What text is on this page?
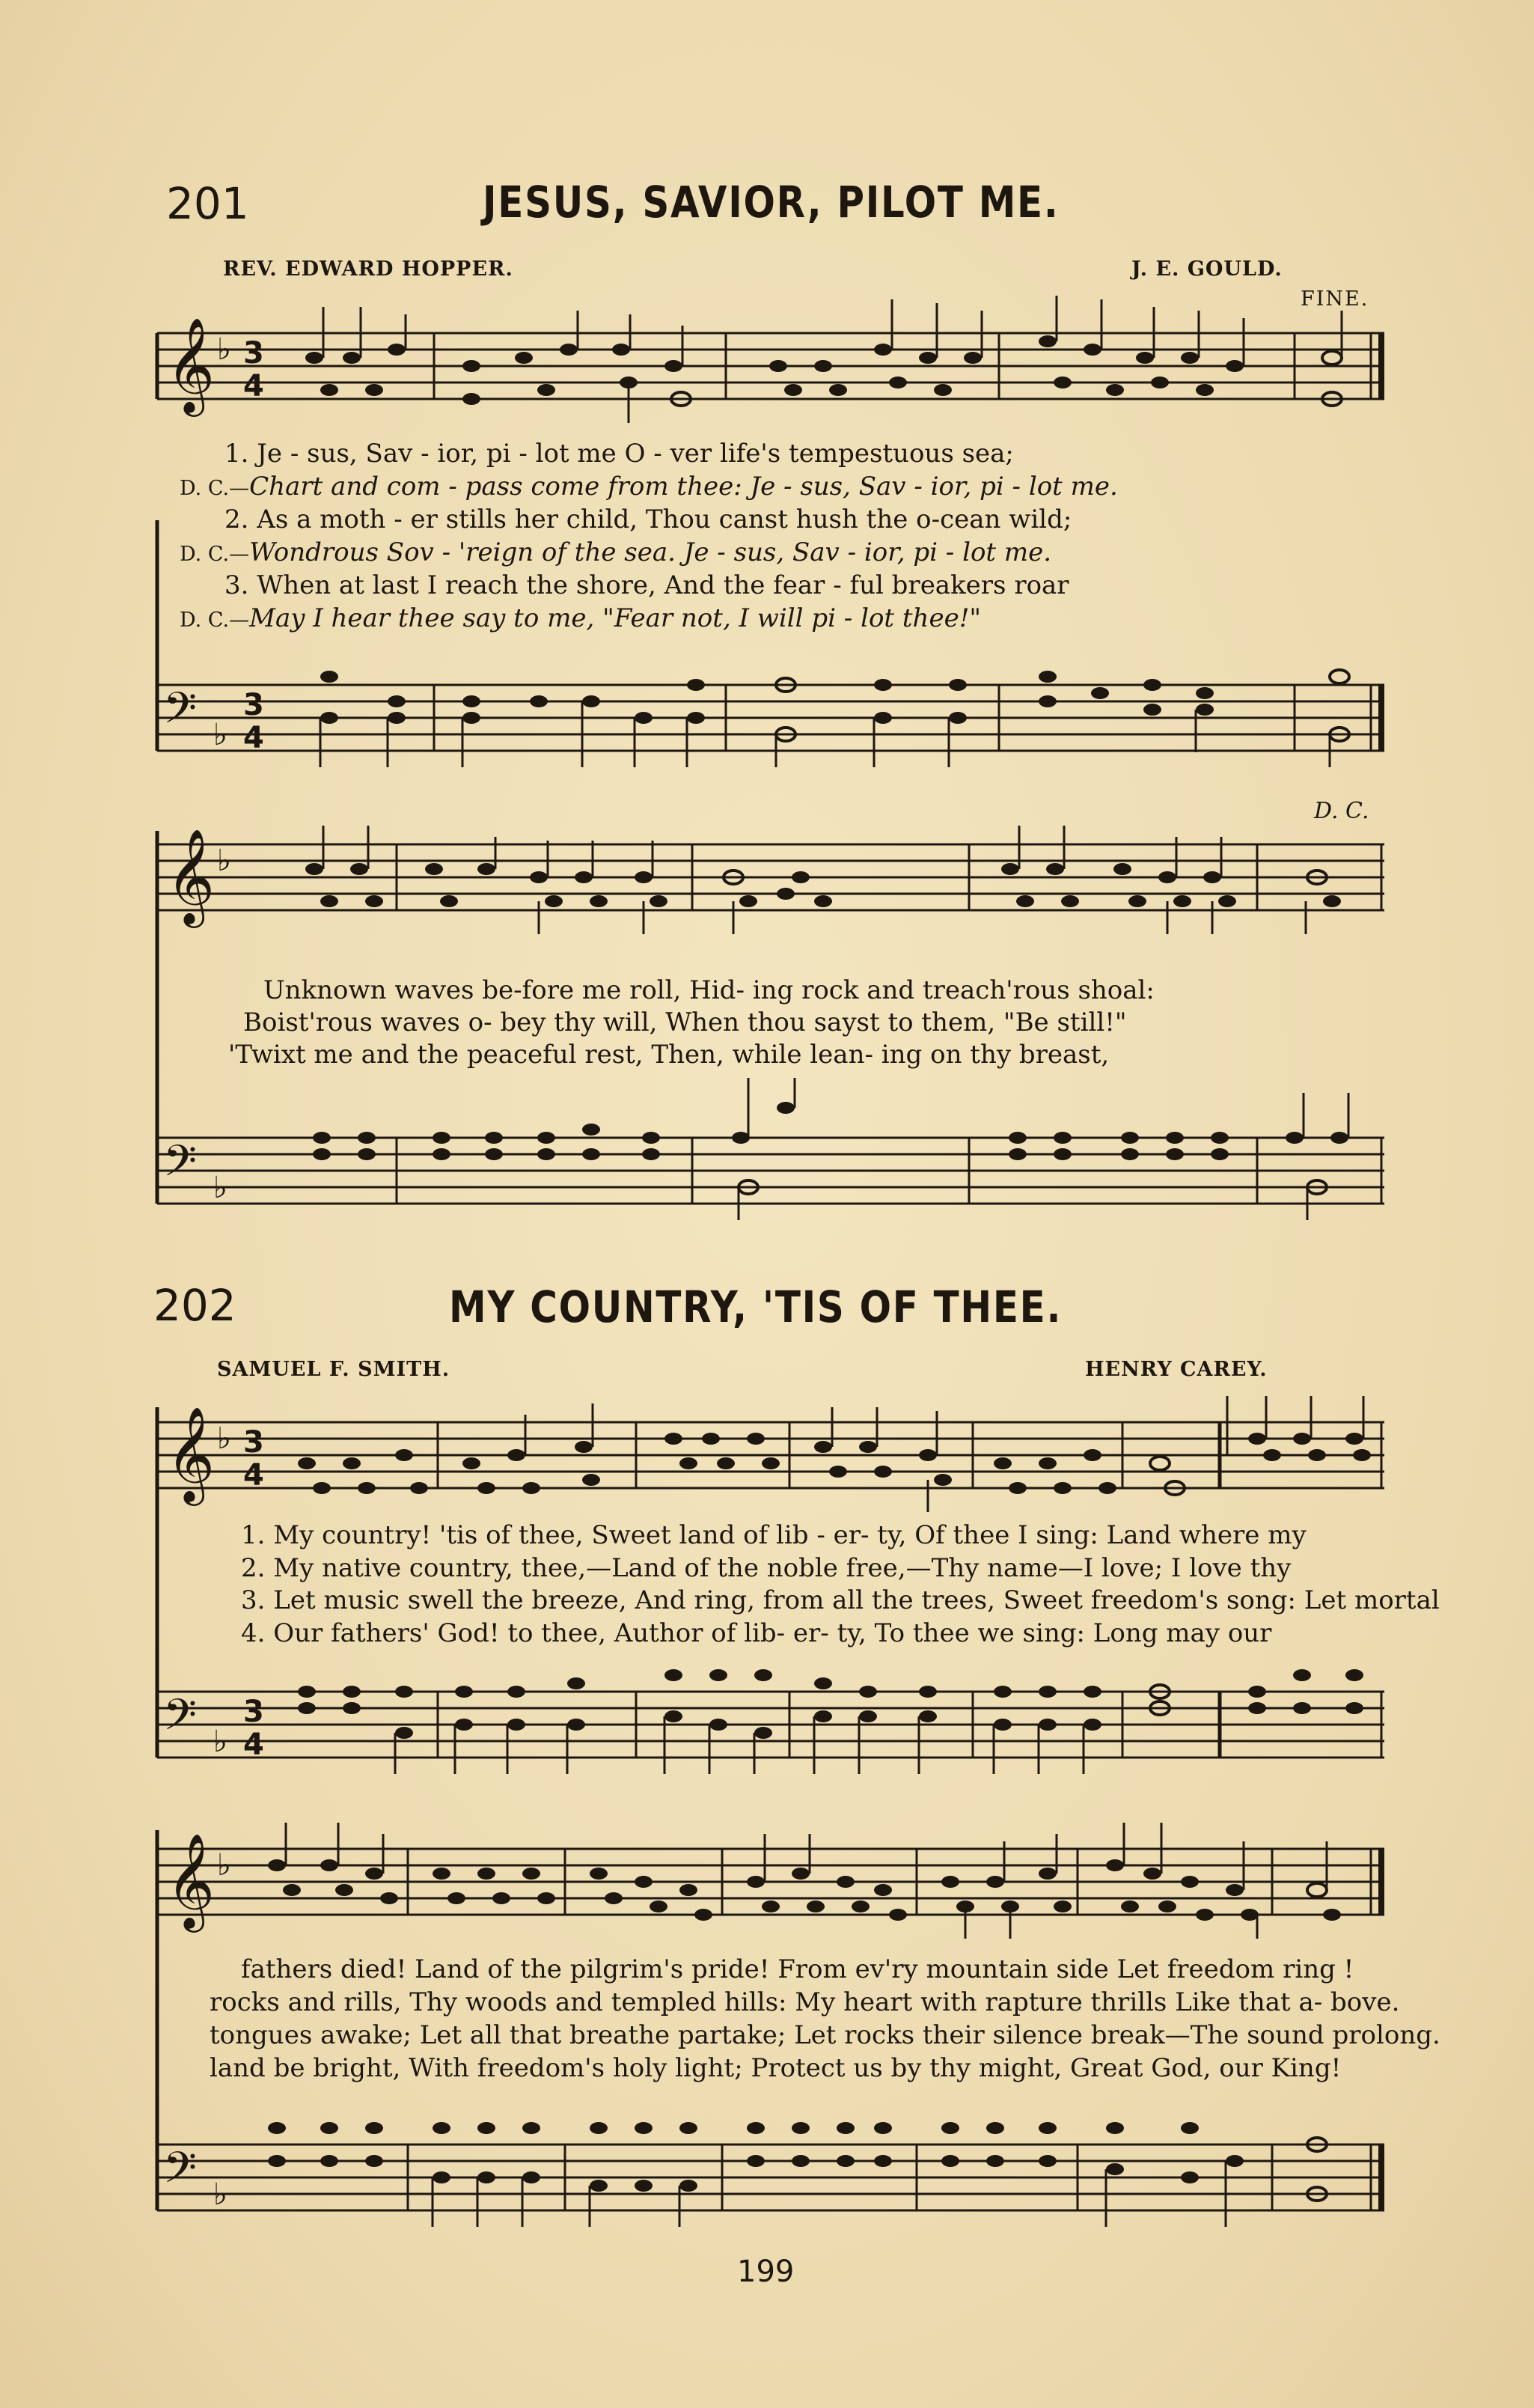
201	JESUS, SAVIOR, PILOT ME.
REV. EDWARD HOPPER.	J. E. GOULD.
FINE.
𝄞 ♭ 3
4
1. Je - sus, Sav - ior, pi - lot me O - ver life's tempestuous sea;
D. C.—Chart and com - pass come from thee: Je - sus, Sav - ior, pi - lot me.
2. As a moth - er stills her child, Thou canst hush the o-cean wild;
D. C.—Wondrous Sov - 'reign of the sea. Je - sus, Sav - ior, pi - lot me.
3. When at last I reach the shore, And the fear - ful breakers roar
D. C.—May I hear thee say to me, "Fear not, I will pi - lot thee!"
𝄢 ♭
3
4
D. C.
𝄞 ♭
Unknown waves be-fore me roll, Hid- ing rock and treach'rous shoal:
Boist'rous waves o- bey thy will, When thou sayst to them, "Be still!"
'Twixt me and the peaceful rest, Then, while lean- ing on thy breast,
𝄢 ♭
202	MY COUNTRY, 'TIS OF THEE.
SAMUEL F. SMITH.	HENRY CAREY.
𝄞 ♭ 3
4
1. My country! 'tis of thee, Sweet land of lib - er- ty, Of thee I sing: Land where my
2. My native country, thee,—Land of the noble free,—Thy name—I love; I love thy
3. Let music swell the breeze, And ring, from all the trees, Sweet freedom's song: Let mortal
4. Our fathers' God! to thee, Author of lib- er- ty, To thee we sing: Long may our
𝄢 ♭
3
4
𝄞 ♭
fathers died! Land of the pilgrim's pride! From ev'ry mountain side Let freedom ring !
rocks and rills, Thy woods and templed hills: My heart with rapture thrills Like that a- bove.
tongues awake; Let all that breathe partake; Let rocks their silence break—The sound prolong.
land be bright, With freedom's holy light; Protect us by thy might, Great God, our King!
𝄢 ♭
199
